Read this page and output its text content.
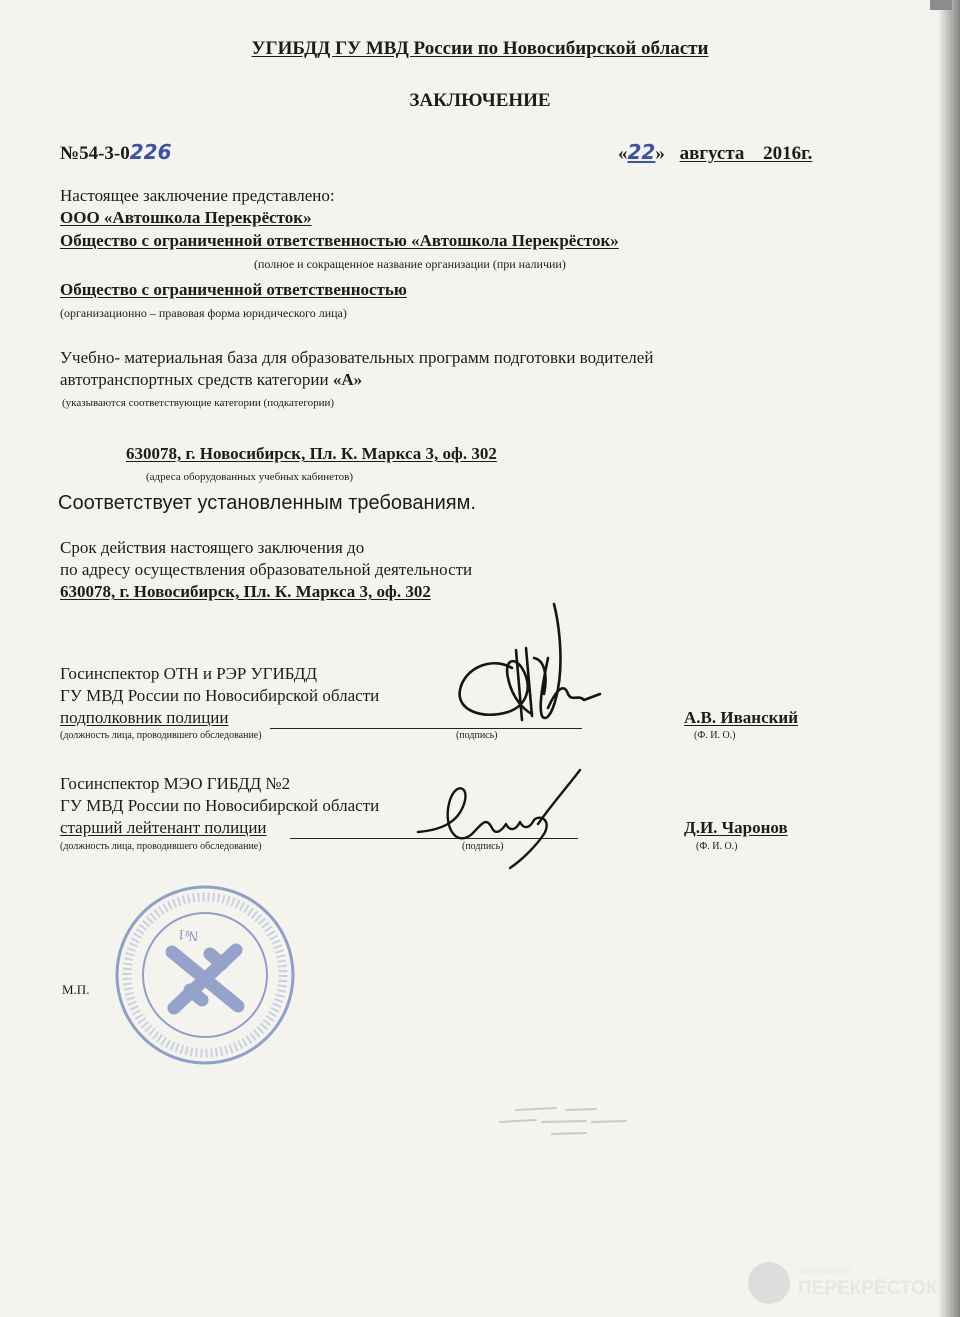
УГИБДД ГУ МВД России по Новосибирской области
ЗАКЛЮЧЕНИЕ
№54-3-0226	«22» августа 2016г.
Настоящее заключение представлено:
ООО «Автошкола Перекрёсток»
Общество с ограниченной ответственностью «Автошкола Перекрёсток»
(полное и сокращенное название организации (при наличии)
Общество с ограниченной ответственностью
(организационно – правовая форма юридического лица)
Учебно- материальная база для образовательных программ подготовки водителей
автотранспортных средств категории «А»
(указываются соответствующие категории (подкатегории)
630078, г. Новосибирск, Пл. К. Маркса 3, оф. 302
(адреса оборудованных учебных кабинетов)
Соответствует установленным требованиям.
Срок действия настоящего заключения до
по адресу осуществления образовательной деятельности
630078, г. Новосибирск, Пл. К. Маркса 3, оф. 302
Госинспектор ОТН и РЭР УГИБДД
ГУ МВД России по Новосибирской области
подполковник полиции
(должность лица, проводившего обследование)	(подпись)
А.В. Иванский
(Ф. И. О.)
Госинспектор МЭО ГИБДД №2
ГУ МВД России по Новосибирской области
старший лейтенант полиции
(должность лица, проводившего обследование)	(подпись)
Д.И. Чаронов
(Ф. И. О.)
№1
М.П.
автошкола
ПЕРЕКРЁСТОК
